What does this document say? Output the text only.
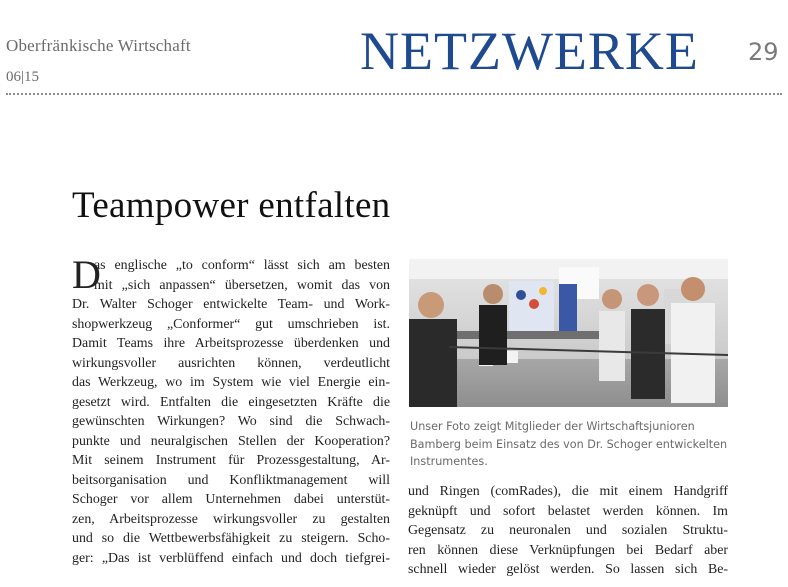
Oberfränkische Wirtschaft
06|15	NETZWERKE 29
Teampower entfalten
D
as englische „to conform“ lässt sich am besten
mit „sich anpassen“ übersetzen, womit das von
Dr. Walter Schoger entwickelte Team- und Work-
shopwerkzeug „Conformer“ gut umschrieben ist.
Damit Teams ihre Arbeitsprozesse überdenken und
wirkungsvoller ausrichten können, verdeutlicht
das Werkzeug, wo im System wie viel Energie ein-
gesetzt wird. Entfalten die eingesetzten Kräfte die
gewünschten Wirkungen? Wo sind die Schwach-
punkte und neuralgischen Stellen der Kooperation?
Mit seinem Instrument für Prozessgestaltung, Ar-
beitsorganisation und Konfliktmanagement will
Schoger vor allem Unternehmen dabei unterstüt-
zen, Arbeitsprozesse wirkungsvoller zu gestalten
und so die Wettbewerbsfähigkeit zu steigern. Scho-
ger: „Das ist verblüffend einfach und doch tiefgrei-
Unser Foto zeigt Mitglieder der Wirtschaftsjunioren
Bamberg beim Einsatz des von Dr. Schoger entwickelten
Instrumentes.
und Ringen (comRades), die mit einem Handgriff
geknüpft und sofort belastet werden können. Im
Gegensatz zu neuronalen und sozialen Struktu-
ren können diese Verknüpfungen bei Bedarf aber
schnell wieder gelöst werden. So lassen sich Be-
